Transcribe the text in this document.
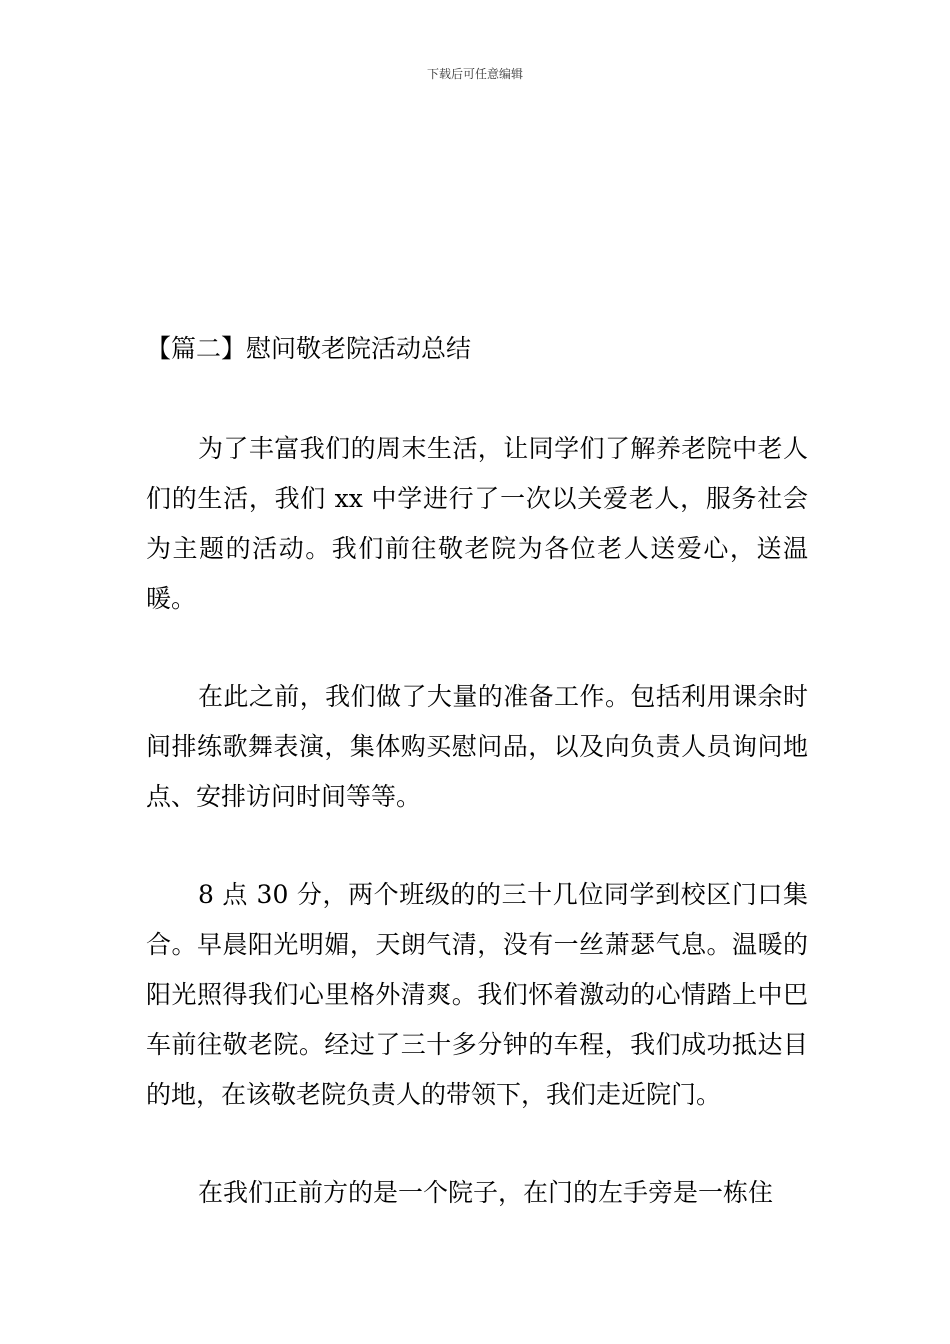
下载后可任意编辑
【篇二】慰问敬老院活动总结

为了丰富我们的周末生活，让同学们了解养老院中老人们的生活，我们 xx 中学进行了一次以关爱老人，服务社会为主题的活动。我们前往敬老院为各位老人送爱心，送温暖。

在此之前，我们做了大量的准备工作。包括利用课余时间排练歌舞表演，集体购买慰问品，以及向负责人员询问地点、安排访问时间等等。

8 点 30 分，两个班级的的三十几位同学到校区门口集合。早晨阳光明媚，天朗气清，没有一丝萧瑟气息。温暖的阳光照得我们心里格外清爽。我们怀着激动的心情踏上中巴车前往敬老院。经过了三十多分钟的车程，我们成功抵达目的地，在该敬老院负责人的带领下，我们走近院门。

在我们正前方的是一个院子，在门的左手旁是一栋住
